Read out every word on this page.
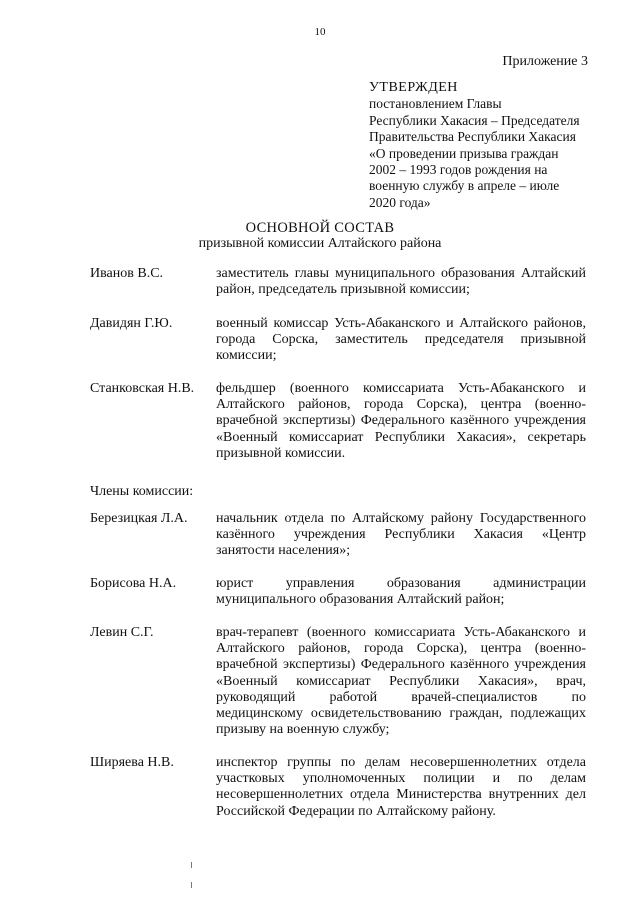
10
Приложение 3
УТВЕРЖДЕН
постановлением Главы
Республики Хакасия – Председателя
Правительства Республики Хакасия
«О проведении призыва граждан
2002 – 1993 годов рождения на
военную службу в апреле – июле
2020 года»
ОСНОВНОЙ СОСТАВ
призывной комиссии Алтайского района
Иванов В.С.	заместитель главы муниципального образования Алтайский
район, председатель призывной комиссии;
Давидян Г.Ю.	военный комиссар Усть-Абаканского и Алтайского районов,
города Сорска, заместитель председателя призывной
комиссии;
Станковская Н.В. фельдшер (военного комиссариата Усть-Абаканского и
Алтайского районов, города Сорска), центра (военно-
врачебной экспертизы) Федерального казённого учреждения
«Военный комиссариат Республики Хакасия», секретарь
призывной комиссии.
Члены комиссии:
Березицкая Л.А. начальник отдела по Алтайскому району Государственного
казённого учреждения Республики Хакасия «Центр
занятости населения»;
Борисова Н.А.	юрист управления образования администрации
муниципального образования Алтайский район;
Левин С.Г.	врач-терапевт (военного комиссариата Усть-Абаканского и
Алтайского районов, города Сорска), центра (военно-
врачебной экспертизы) Федерального казённого учреждения
«Военный комиссариат Республики Хакасия», врач,
руководящий работой врачей-специалистов по
медицинскому освидетельствованию граждан, подлежащих
призыву на военную службу;
Ширяева Н.В.	инспектор группы по делам несовершеннолетних отдела
участковых уполномоченных полиции и по делам
несовершеннолетних отдела Министерства внутренних дел
Российской Федерации по Алтайскому району.
